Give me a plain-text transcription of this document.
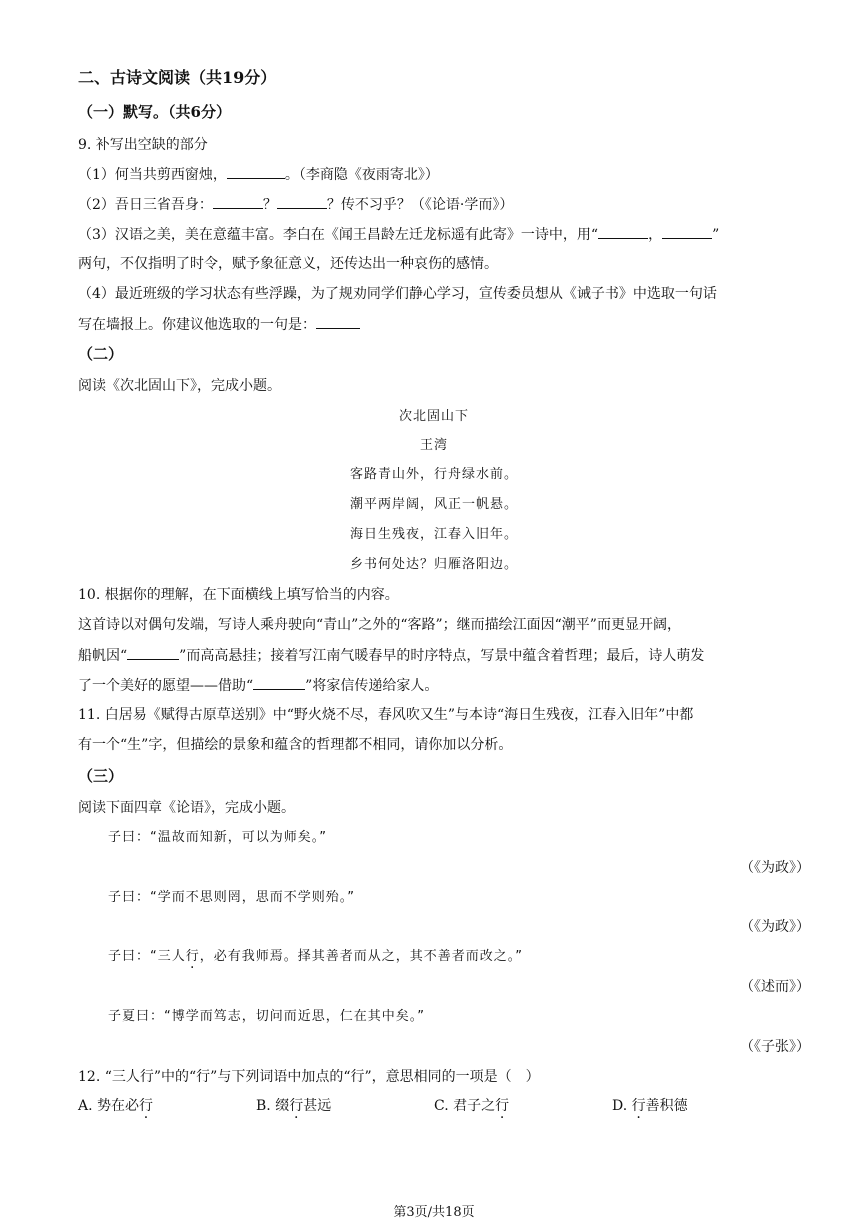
二、古诗文阅读（共19分）
（一）默写。（共6分）
9. 补写出空缺的部分
（1）何当共剪西窗烛，	。（李商隐《夜雨寄北》）
（2）吾日三省吾身：	？	？传不习乎？（《论语·学而》）
（3）汉语之美，美在意蕴丰富。李白在《闻王昌龄左迁龙标遥有此寄》一诗中，用“	，	”
两句，不仅指明了时令，赋予象征意义，还传达出一种哀伤的感情。
（4）最近班级的学习状态有些浮躁，为了规劝同学们静心学习，宣传委员想从《诫子书》中选取一句话
写在墙报上。你建议他选取的一句是：
（二）
阅读《次北固山下》，完成小题。
次北固山下
王湾
客路青山外，行舟绿水前。
潮平两岸阔，风正一帆悬。
海日生残夜，江春入旧年。
乡书何处达？归雁洛阳边。
10. 根据你的理解，在下面横线上填写恰当的内容。
这首诗以对偶句发端，写诗人乘舟驶向“青山”之外的“客路”；继而描绘江面因“潮平”而更显开阔，
船帆因“	”而高高悬挂；接着写江南气暖春早的时序特点，写景中蕴含着哲理；最后，诗人萌发
了一个美好的愿望——借助“	”将家信传递给家人。
11. 白居易《赋得古原草送别》中“野火烧不尽，春风吹又生”与本诗“海日生残夜，江春入旧年”中都
有一个“生”字，但描绘的景象和蕴含的哲理都不相同，请你加以分析。
（三）
阅读下面四章《论语》，完成小题。
子曰：“温故而知新，可以为师矣。”
（《为政》）
子曰：“学而不思则罔，思而不学则殆。”
（《为政》）
子曰：“三人行，必有我师焉。择其善者而从之，其不善者而改之。”
（《述而》）
子夏曰：“博学而笃志，切问而近思，仁在其中矣。”
（《子张》）
12. “三人行”中的“行”与下列词语中加点的“行”，意思相同的一项是（　）
A. 势在必行	B. 缀行甚远	C. 君子之行	D. 行善积德
第3页/共18页
